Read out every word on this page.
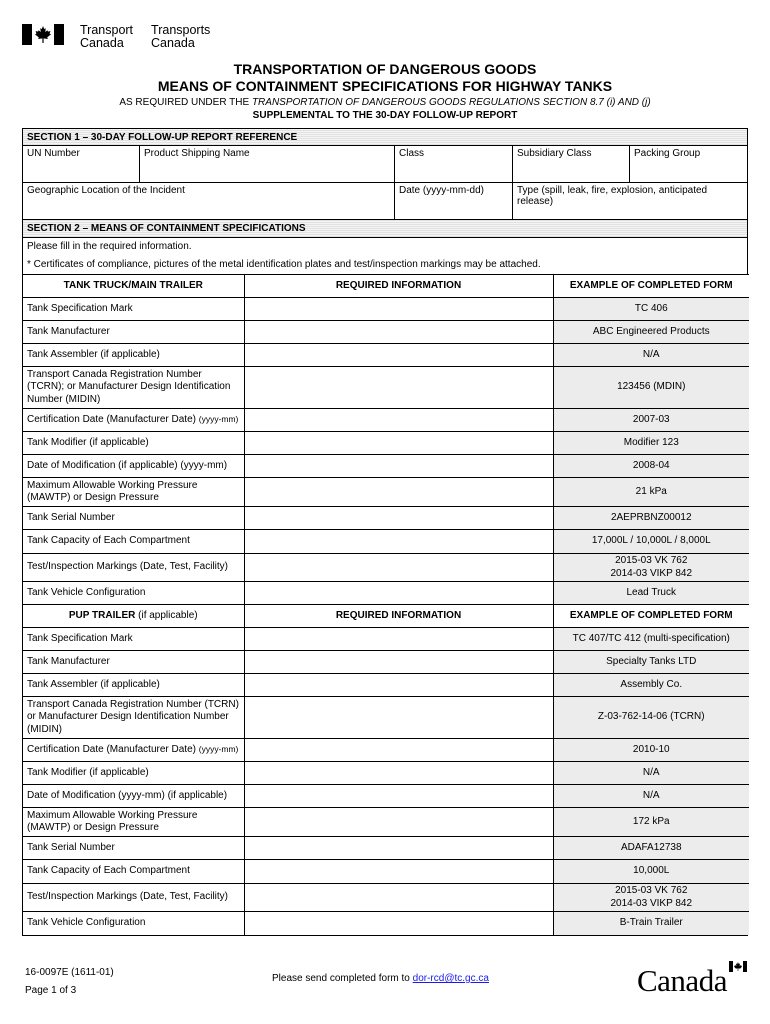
Transport
Canada
Transports
Canada
TRANSPORTATION OF DANGEROUS GOODS
MEANS OF CONTAINMENT SPECIFICATIONS FOR HIGHWAY TANKS
AS REQUIRED UNDER THE TRANSPORTATION OF DANGEROUS GOODS REGULATIONS SECTION 8.7 (i) AND (j)
SUPPLEMENTAL TO THE 30-DAY FOLLOW-UP REPORT
SECTION 1 – 30-DAY FOLLOW-UP REPORT REFERENCE
UN Number	Product Shipping Name	Class	Subsidiary Class	Packing Group
Geographic Location of the Incident	Date (yyyy-mm-dd)	Type (spill, leak, fire, explosion, anticipated release)
SECTION 2 – MEANS OF CONTAINMENT SPECIFICATIONS
Please fill in the required information.
* Certificates of compliance, pictures of the metal identification plates and test/inspection markings may be attached.
TANK TRUCK/MAIN TRAILER	REQUIRED INFORMATION	EXAMPLE OF COMPLETED FORM
Tank Specification Mark		TC 406
Tank Manufacturer		ABC Engineered Products
Tank Assembler (if applicable)		N/A
Transport Canada Registration Number (TCRN); or Manufacturer Design Identification Number (MIDIN)		123456 (MDIN)
Certification Date (Manufacturer Date) (yyyy-mm)		2007-03
Tank Modifier (if applicable)		Modifier 123
Date of Modification (if applicable) (yyyy-mm)		2008-04
Maximum Allowable Working Pressure (MAWTP) or Design Pressure		21 kPa
Tank Serial Number		2AEPRBNZ00012
Tank Capacity of Each Compartment		17,000L / 10,000L / 8,000L
Test/Inspection Markings (Date, Test, Facility)		2015-03 VK 762
2014-03 VIKP 842

Tank Vehicle Configuration		Lead Truck
PUP TRAILER (if applicable)	REQUIRED INFORMATION	EXAMPLE OF COMPLETED FORM
Tank Specification Mark		TC 407/TC 412 (multi-specification)
Tank Manufacturer		Specialty Tanks LTD
Tank Assembler (if applicable)		Assembly Co.
Transport Canada Registration Number (TCRN) or Manufacturer Design Identification Number (MIDIN)		Z-03-762-14-06 (TCRN)
Certification Date (Manufacturer Date) (yyyy-mm)		2010-10
Tank Modifier (if applicable)		N/A
Date of Modification (yyyy-mm) (if applicable)		N/A
Maximum Allowable Working Pressure (MAWTP) or Design Pressure		172 kPa
Tank Serial Number		ADAFA12738
Tank Capacity of Each Compartment		10,000L
Test/Inspection Markings (Date, Test, Facility)		2015-03 VK 762
2014-03 VIKP 842

Tank Vehicle Configuration		B-Train Trailer
16-0097E (1611-01)
Page 1 of 3
Please send completed form to dor-rcd@tc.gc.ca	Canada
